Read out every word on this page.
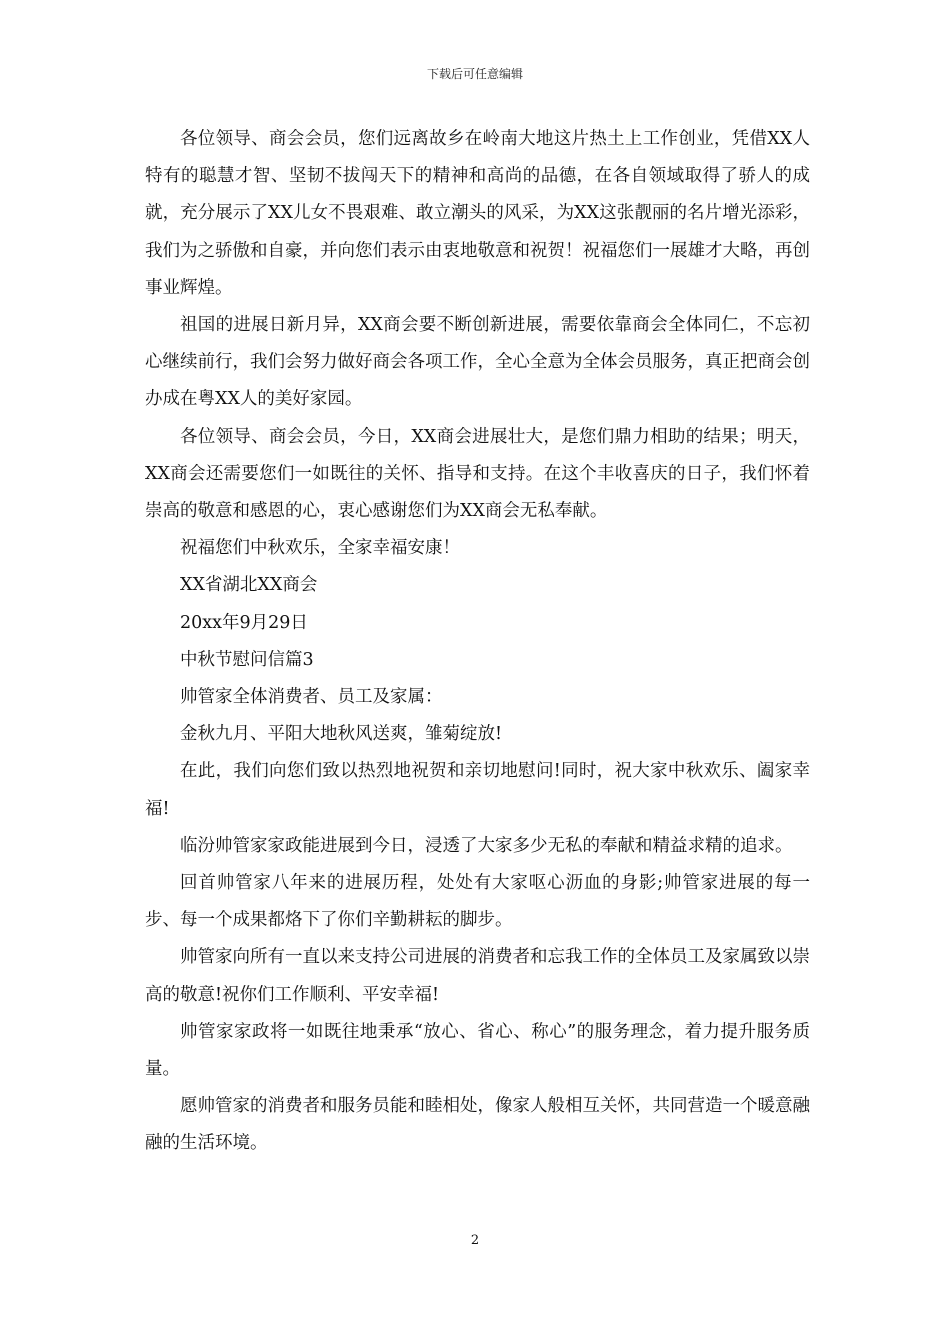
下载后可任意编辑

各位领导、商会会员，您们远离故乡在岭南大地这片热土上工作创业，凭借XX人特有的聪慧才智、坚韧不拔闯天下的精神和高尚的品德，在各自领域取得了骄人的成就，充分展示了XX儿女不畏艰难、敢立潮头的风采，为XX这张靓丽的名片增光添彩，我们为之骄傲和自豪，并向您们表示由衷地敬意和祝贺！祝福您们一展雄才大略，再创事业辉煌。

祖国的进展日新月异，XX商会要不断创新进展，需要依靠商会全体同仁，不忘初心继续前行，我们会努力做好商会各项工作，全心全意为全体会员服务，真正把商会创办成在粤XX人的美好家园。

各位领导、商会会员，今日，XX商会进展壮大，是您们鼎力相助的结果；明天，XX商会还需要您们一如既往的关怀、指导和支持。在这个丰收喜庆的日子，我们怀着崇高的敬意和感恩的心，衷心感谢您们为XX商会无私奉献。

祝福您们中秋欢乐，全家幸福安康！

XX省湖北XX商会

20xx年9月29日

中秋节慰问信篇3

帅管家全体消费者、员工及家属：

金秋九月、平阳大地秋风送爽，雏菊绽放!

在此，我们向您们致以热烈地祝贺和亲切地慰问!同时，祝大家中秋欢乐、阖家幸福!

临汾帅管家家政能进展到今日，浸透了大家多少无私的奉献和精益求精的追求。

回首帅管家八年来的进展历程，处处有大家呕心沥血的身影;帅管家进展的每一步、每一个成果都烙下了你们辛勤耕耘的脚步。

帅管家向所有一直以来支持公司进展的消费者和忘我工作的全体员工及家属致以崇高的敬意!祝你们工作顺利、平安幸福!

帅管家家政将一如既往地秉承“放心、省心、称心”的服务理念，着力提升服务质量。

愿帅管家的消费者和服务员能和睦相处，像家人般相互关怀，共同营造一个暖意融融的生活环境。

2
